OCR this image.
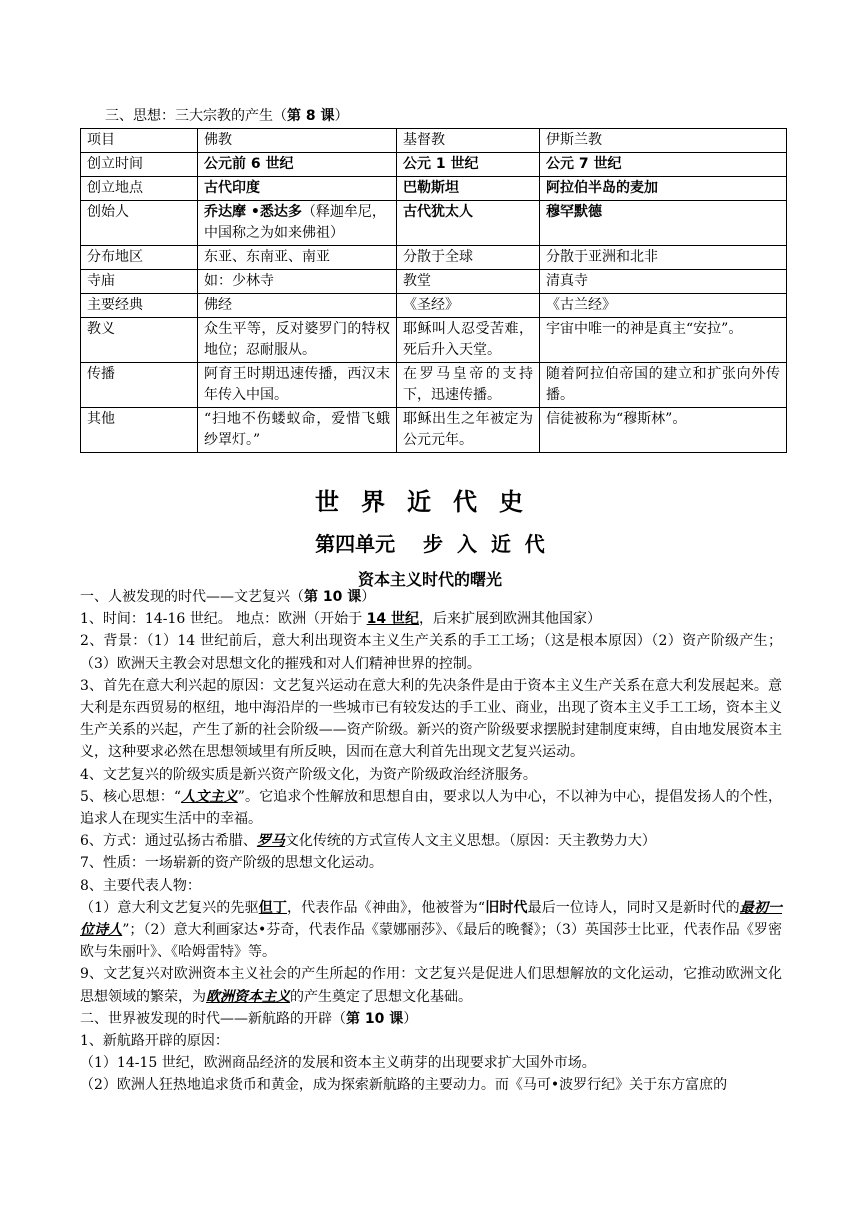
三、思想：三大宗教的产生（第 8 课）
项目	佛教	基督教	伊斯兰教
创立时间	公元前 6 世纪	公元 1 世纪	公元 7 世纪
创立地点	古代印度	巴勒斯坦	阿拉伯半岛的麦加
创始人	乔达摩 •悉达多（释迦牟尼，中国称之为如来佛祖）	古代犹太人	穆罕默德
分布地区	东亚、东南亚、南亚	分散于全球	分散于亚洲和北非
寺庙	如：少林寺	教堂	清真寺
主要经典	佛经	《圣经》	《古兰经》
教义	众生平等，反对婆罗门的特权地位；忍耐服从。	耶稣叫人忍受苦难，死后升入天堂。	宇宙中唯一的神是真主“安拉”。
传播	阿育王时期迅速传播，西汉末年传入中国。	在罗马皇帝的支持下，迅速传播。	随着阿拉伯帝国的建立和扩张向外传播。
其他	“扫地不伤蝼蚁命，爱惜飞蛾纱罩灯。”	耶稣出生之年被定为公元元年。	信徒被称为“穆斯林”。
世界近代史
第四单元    步  入  近  代
资本主义时代的曙光

一、人被发现的时代——文艺复兴（第 10 课）

1、时间：14-16 世纪。 地点：欧洲（开始于 14 世纪，后来扩展到欧洲其他国家）

2、背景：（1）14 世纪前后，意大利出现资本主义生产关系的手工工场；（这是根本原因）（2）资产阶级产生；（3）欧洲天主教会对思想文化的摧残和对人们精神世界的控制。

3、首先在意大利兴起的原因：文艺复兴运动在意大利的先决条件是由于资本主义生产关系在意大利发展起来。意大利是东西贸易的枢纽，地中海沿岸的一些城市已有较发达的手工业、商业，出现了资本主义手工工场，资本主义生产关系的兴起，产生了新的社会阶级——资产阶级。新兴的资产阶级要求摆脱封建制度束缚，自由地发展资本主义，这种要求必然在思想领域里有所反映，因而在意大利首先出现文艺复兴运动。

4、文艺复兴的阶级实质是新兴资产阶级文化，为资产阶级政治经济服务。

5、核心思想：“人文主义”。它追求个性解放和思想自由，要求以人为中心，不以神为中心，提倡发扬人的个性，追求人在现实生活中的幸福。

6、方式：通过弘扬古希腊、罗马文化传统的方式宣传人文主义思想。（原因：天主教势力大）

7、性质：一场崭新的资产阶级的思想文化运动。

8、主要代表人物：

（1）意大利文艺复兴的先驱但丁，代表作品《神曲》，他被誉为“旧时代最后一位诗人，同时又是新时代的最初一位诗人”；（2）意大利画家达•芬奇，代表作品《蒙娜丽莎》、《最后的晚餐》；（3）英国莎士比亚，代表作品《罗密欧与朱丽叶》、《哈姆雷特》等。

9、文艺复兴对欧洲资本主义社会的产生所起的作用：文艺复兴是促进人们思想解放的文化运动，它推动欧洲文化思想领域的繁荣，为欧洲资本主义的产生奠定了思想文化基础。

二、世界被发现的时代——新航路的开辟（第 10 课）

1、新航路开辟的原因：

（1）14-15 世纪，欧洲商品经济的发展和资本主义萌芽的出现要求扩大国外市场。

（2）欧洲人狂热地追求货币和黄金，成为探索新航路的主要动力。而《马可•波罗行纪》关于东方富庶的
